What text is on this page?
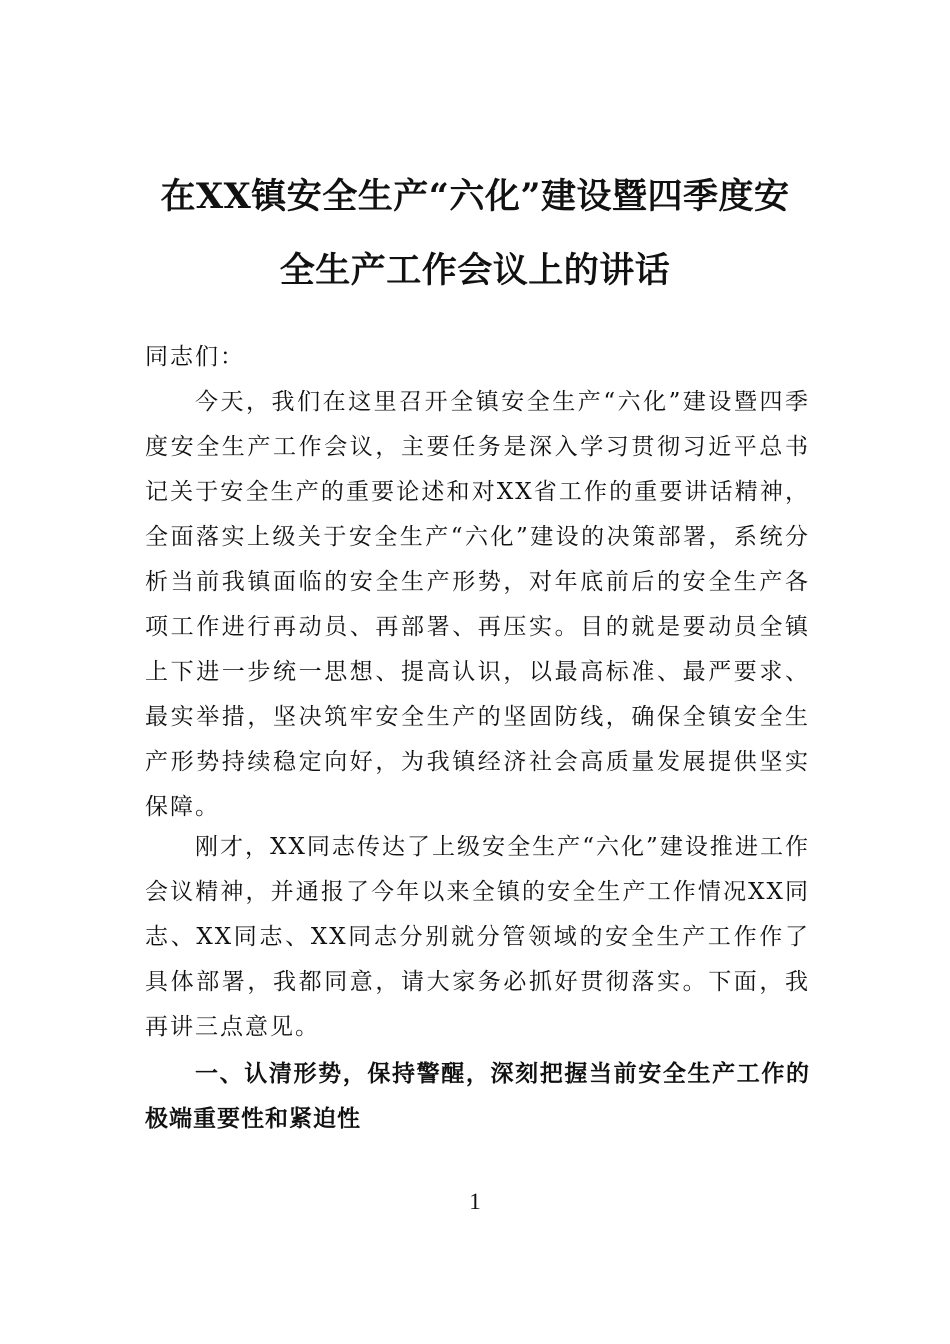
在XX镇安全生产“六化”建设暨四季度安
全生产工作会议上的讲话

同志们：

今天，我们在这里召开全镇安全生产“六化”建设暨四季度安全生产工作会议，主要任务是深入学习贯彻习近平总书记关于安全生产的重要论述和对XX省工作的重要讲话精神，全面落实上级关于安全生产“六化”建设的决策部署，系统分析当前我镇面临的安全生产形势，对年底前后的安全生产各项工作进行再动员、再部署、再压实。目的就是要动员全镇上下进一步统一思想、提高认识，以最高标准、最严要求、最实举措，坚决筑牢安全生产的坚固防线，确保全镇安全生产形势持续稳定向好，为我镇经济社会高质量发展提供坚实保障。

刚才，XX同志传达了上级安全生产“六化”建设推进工作会议精神，并通报了今年以来全镇的安全生产工作情况XX同志、XX同志、XX同志分别就分管领域的安全生产工作作了具体部署，我都同意，请大家务必抓好贯彻落实。下面，我再讲三点意见。

一、认清形势，保持警醒，深刻把握当前安全生产工作的极端重要性和紧迫性

1
